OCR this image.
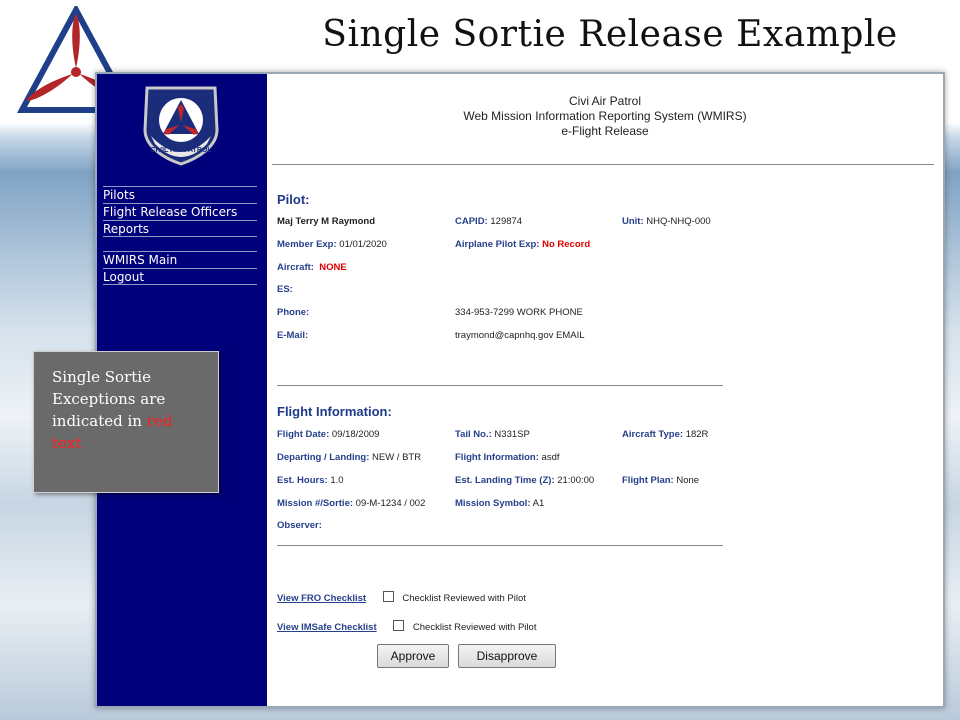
Single Sortie Release Example
CIVIL AIR PATROL
Pilots
Flight Release Officers
Reports
WMIRS Main
Logout
Civi Air Patrol
Web Mission Information Reporting System (WMIRS)
e-Flight Release
Pilot:
Maj Terry M Raymond	CAPID: 129874	Unit: NHQ-NHQ-000
Member Exp: 01/01/2020	Airplane Pilot Exp: No Record
Aircraft: NONE
ES:
Phone:	334-953-7299 WORK PHONE
E-Mail:	traymond@capnhq.gov EMAIL
Flight Information:
Flight Date: 09/18/2009	Tail No.: N331SP	Aircraft Type: 182R
Departing / Landing: NEW / BTR	Flight Information: asdf
Est. Hours: 1.0	Est. Landing Time (Z): 21:00:00	Flight Plan: None
Mission #/Sortie: 09-M-1234 / 002	Mission Symbol: A1
Observer:
View FRO Checklist	Checklist Reviewed with Pilot
View IMSafe Checklist	Checklist Reviewed with Pilot
Approve	Disapprove
Single Sortie Exceptions are indicated in red text
